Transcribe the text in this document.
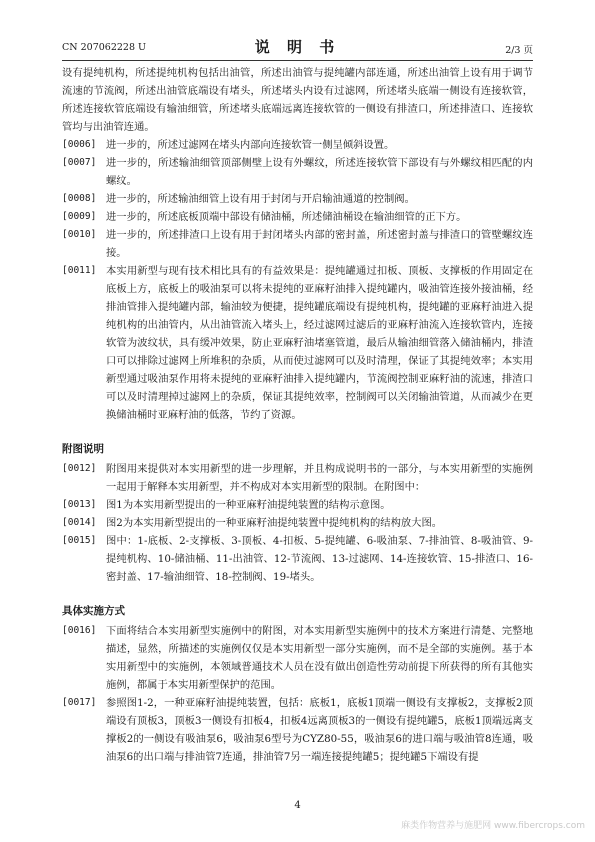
CN 207062228 U	说 明 书	2/3 页

设有提纯机构，所述提纯机构包括出油管，所述出油管与提纯罐内部连通，所述出油管上设有用于调节流速的节流阀，所述出油管底端设有堵头，所述堵头内设有过滤网，所述堵头底端一侧设有连接软管，所述连接软管底端设有输油细管，所述堵头底端远离连接软管的一侧设有排渣口，所述排渣口、连接软管均与出油管连通。

[0006] 进一步的，所述过滤网在堵头内部向连接软管一侧呈倾斜设置。
[0007] 进一步的，所述输油细管顶部侧壁上设有外螺纹，所述连接软管下部设有与外螺纹相匹配的内螺纹。
[0008] 进一步的，所述输油细管上设有用于封闭与开启输油通道的控制阀。
[0009] 进一步的，所述底板顶端中部设有储油桶，所述储油桶设在输油细管的正下方。
[0010] 进一步的，所述排渣口上设有用于封闭堵头内部的密封盖，所述密封盖与排渣口的管壁螺纹连接。
[0011] 本实用新型与现有技术相比具有的有益效果是：提纯罐通过扣板、顶板、支撑板的作用固定在底板上方，底板上的吸油泵可以将未提纯的亚麻籽油排入提纯罐内，吸油管连接外接油桶，经排油管排入提纯罐内部，输油较为便捷，提纯罐底端设有提纯机构，提纯罐的亚麻籽油进入提纯机构的出油管内，从出油管流入堵头上，经过滤网过滤后的亚麻籽油流入连接软管内，连接软管为波纹状，具有缓冲效果，防止亚麻籽油堵塞管道，最后从输油细管落入储油桶内，排渣口可以排除过滤网上所堆积的杂质，从而使过滤网可以及时清理，保证了其提纯效率；本实用新型通过吸油泵作用将未提纯的亚麻籽油排入提纯罐内，节流阀控制亚麻籽油的流速，排渣口可以及时清理掉过滤网上的杂质，保证其提纯效率，控制阀可以关闭输油管道，从而减少在更换储油桶时亚麻籽油的低落，节约了资源。
附图说明
[0012] 附图用来提供对本实用新型的进一步理解，并且构成说明书的一部分，与本实用新型的实施例一起用于解释本实用新型，并不构成对本实用新型的限制。在附图中：
[0013] 图1为本实用新型提出的一种亚麻籽油提纯装置的结构示意图。
[0014] 图2为本实用新型提出的一种亚麻籽油提纯装置中提纯机构的结构放大图。
[0015] 图中：1-底板、2-支撑板、3-顶板、4-扣板、5-提纯罐、6-吸油泵、7-排油管、8-吸油管、9-提纯机构、10-储油桶、11-出油管、12-节流阀、13-过滤网、14-连接软管、15-排渣口、16-密封盖、17-输油细管、18-控制阀、19-堵头。
具体实施方式
[0016] 下面将结合本实用新型实施例中的附图，对本实用新型实施例中的技术方案进行清楚、完整地描述，显然，所描述的实施例仅仅是本实用新型一部分实施例，而不是全部的实施例。基于本实用新型中的实施例，本领域普通技术人员在没有做出创造性劳动前提下所获得的所有其他实施例，都属于本实用新型保护的范围。
[0017] 参照图1-2，一种亚麻籽油提纯装置，包括：底板1，底板1顶端一侧设有支撑板2，支撑板2顶端设有顶板3，顶板3一侧设有扣板4，扣板4远离顶板3的一侧设有提纯罐5，底板1顶端远离支撑板2的一侧设有吸油泵6，吸油泵6型号为CYZ80-55，吸油泵6的进口端与吸油管8连通，吸油泵6的出口端与排油管7连通，排油管7另一端连接提纯罐5；提纯罐5下端设有提
4
麻类作物营养与施肥网 www.fibercrops.com
